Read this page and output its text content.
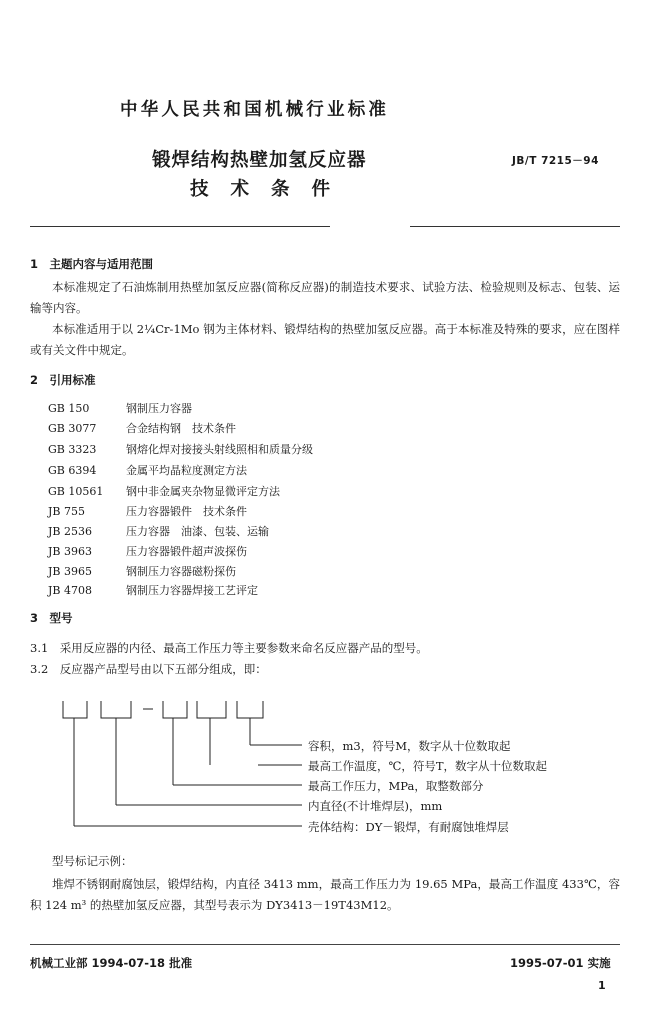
中华人民共和国机械行业标准
锻焊结构热壁加氢反应器
技术条件
JB/T 7215－94
1　主题内容与适用范围
本标准规定了石油炼制用热壁加氢反应器(简称反应器)的制造技术要求、试验方法、检验规则及标志、包装、运输等内容。
本标准适用于以 2¼Cr-1Mo 钢为主体材料、锻焊结构的热壁加氢反应器。高于本标准及特殊的要求，应在图样或有关文件中规定。
2　引用标准
GB 150	钢制压力容器
GB 3077	合金结构钢　技术条件
GB 3323	钢熔化焊对接接头射线照相和质量分级
GB 6394	金属平均晶粒度测定方法
GB 10561 钢中非金属夹杂物显微评定方法
JB 755	压力容器锻件　技术条件
JB 2536	压力容器　油漆、包装、运输
JB 3963	压力容器锻件超声波探伤
JB 3965	钢制压力容器磁粉探伤
JB 4708	钢制压力容器焊接工艺评定
3　型号
3.1　采用反应器的内径、最高工作压力等主要参数来命名反应器产品的型号。
3.2　反应器产品型号由以下五部分组成，即：
容积，m3，符号M，数字从十位数取起
最高工作温度，℃，符号T，数字从十位数取起
最高工作压力，MPa，取整数部分
内直径(不计堆焊层)，mm
壳体结构：DY－锻焊，有耐腐蚀堆焊层
型号标记示例：
堆焊不锈钢耐腐蚀层，锻焊结构，内直径 3413 mm，最高工作压力为 19.65 MPa，最高工作温度 433℃，容积 124 m³ 的热壁加氢反应器，其型号表示为 DY3413－19T43M12。
机械工业部 1994-07-18 批准	1995-07-01 实施
1
